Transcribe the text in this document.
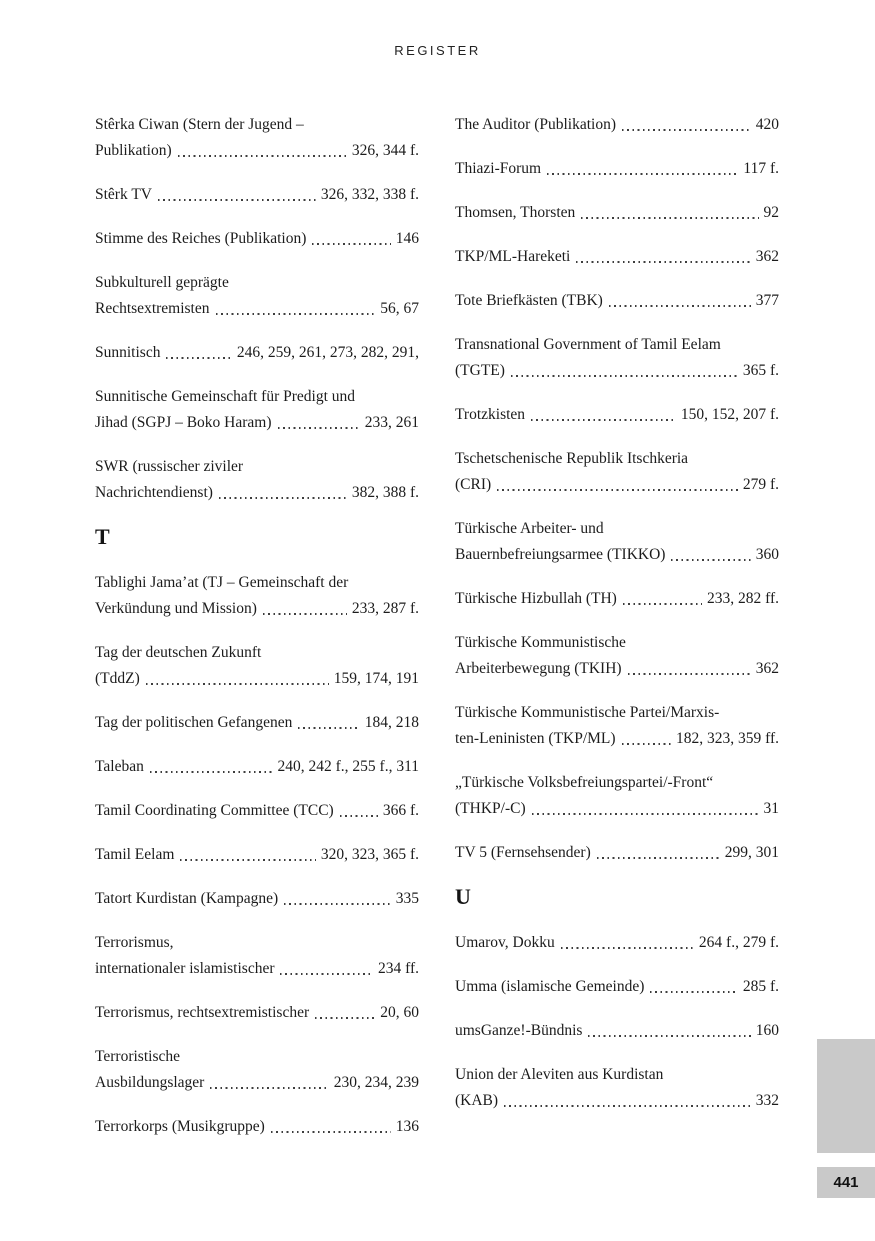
REGISTER
Stêrka Ciwan (Stern der Jugend –
Publikation)	326, 344 f.
Stêrk TV	326, 332, 338 f.
Stimme des Reiches (Publikation)	146
Subkulturell geprägte
Rechtsextremisten	56, 67
Sunnitisch	246, 259, 261, 273, 282, 291,
Sunnitische Gemeinschaft für Predigt und
Jihad (SGPJ – Boko Haram)	233, 261
SWR (russischer ziviler
Nachrichtendienst)	382, 388 f.
T
Tablighi Jama’at (TJ – Gemeinschaft der
Verkündung und Mission)	233, 287 f.
Tag der deutschen Zukunft
(TddZ)	159, 174, 191
Tag der politischen Gefangenen	184, 218
Taleban	240, 242 f., 255 f., 311
Tamil Coordinating Committee (TCC)	366 f.
Tamil Eelam	320, 323, 365 f.
Tatort Kurdistan (Kampagne)	335
Terrorismus,
internationaler islamistischer	234 ff.
Terrorismus, rechtsextremistischer	20, 60
Terroristische
Ausbildungslager	230, 234, 239
Terrorkorps (Musikgruppe)	136
The Auditor (Publikation)	420
Thiazi-Forum	117 f.
Thomsen, Thorsten	92
TKP/ML-Hareketi	362
Tote Briefkästen (TBK)	377
Transnational Government of Tamil Eelam
(TGTE)	365 f.
Trotzkisten	150, 152, 207 f.
Tschetschenische Republik Itschkeria
(CRI)	279 f.
Türkische Arbeiter- und
Bauernbefreiungsarmee (TIKKO)	360
Türkische Hizbullah (TH)	233, 282 ff.
Türkische Kommunistische
Arbeiterbewegung (TKIH)	362
Türkische Kommunistische Partei/Marxis-
ten-Leninisten (TKP/ML)	182, 323, 359 ff.
„Türkische Volksbefreiungspartei/-Front“
(THKP/-C)	31
TV 5 (Fernsehsender)	299, 301
U
Umarov, Dokku	264 f., 279 f.
Umma (islamische Gemeinde)	285 f.
umsGanze!-Bündnis	160
Union der Aleviten aus Kurdistan
(KAB)	332
441
